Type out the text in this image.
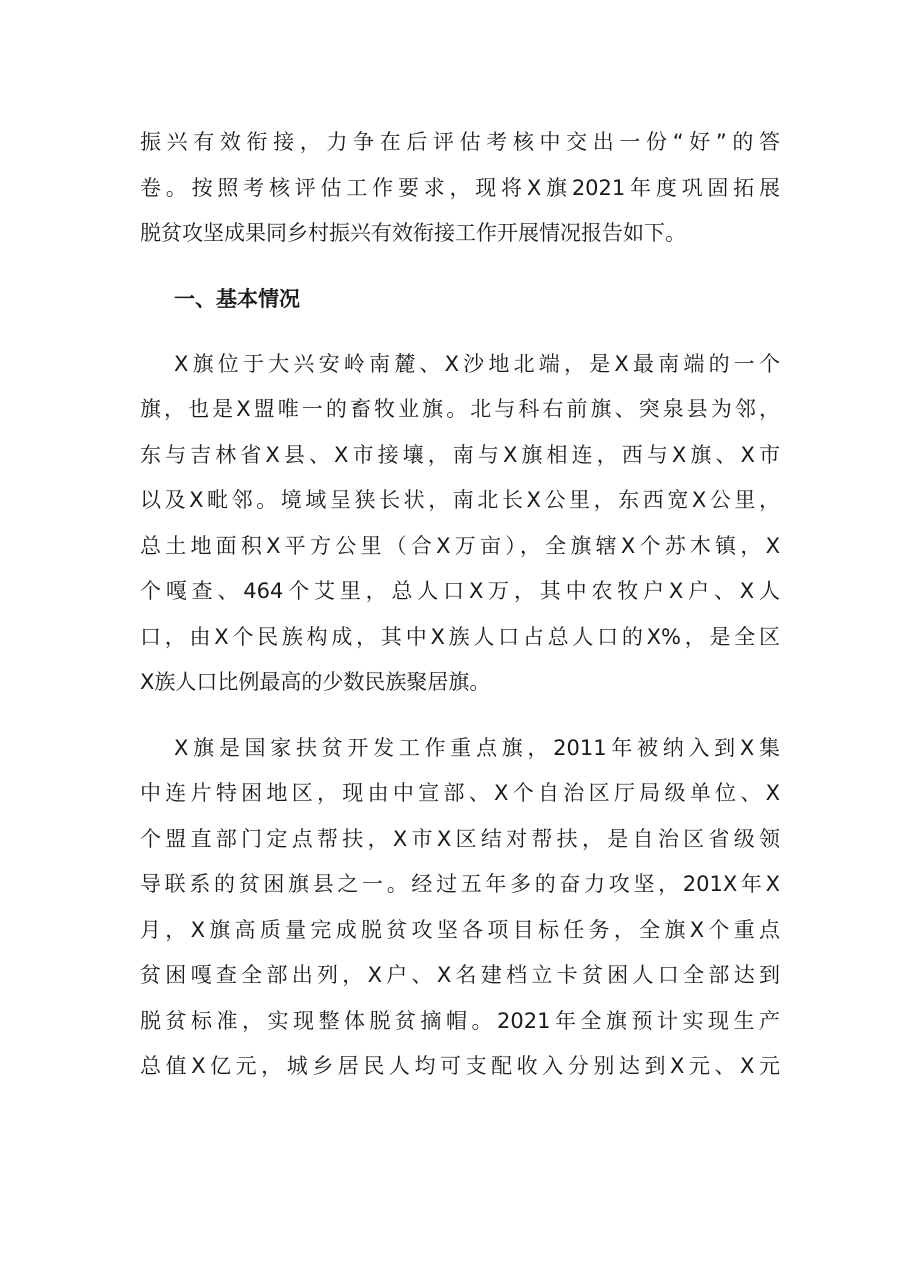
振兴有效衔接，力争在后评估考核中交出一份“好”的答
卷。按照考核评估工作要求，现将X旗2021年度巩固拓展
脱贫攻坚成果同乡村振兴有效衔接工作开展情况报告如下。
一、基本情况
X旗位于大兴安岭南麓、X沙地北端，是X最南端的一个
旗，也是X盟唯一的畜牧业旗。北与科右前旗、突泉县为邻，
东与吉林省X县、X市接壤，南与X旗相连，西与X旗、X市
以及X毗邻。境域呈狭长状，南北长X公里，东西宽X公里，
总土地面积X平方公里（合X万亩），全旗辖X个苏木镇，X
个嘎查、464个艾里，总人口X万，其中农牧户X户、X人
口，由X个民族构成，其中X族人口占总人口的X%，是全区
X族人口比例最高的少数民族聚居旗。
X旗是国家扶贫开发工作重点旗，2011年被纳入到X集
中连片特困地区，现由中宣部、X个自治区厅局级单位、X
个盟直部门定点帮扶，X市X区结对帮扶，是自治区省级领
导联系的贫困旗县之一。经过五年多的奋力攻坚，201X年X
月，X旗高质量完成脱贫攻坚各项目标任务，全旗X个重点
贫困嘎查全部出列，X户、X名建档立卡贫困人口全部达到
脱贫标准，实现整体脱贫摘帽。2021年全旗预计实现生产
总值X亿元，城乡居民人均可支配收入分别达到X元、X元
